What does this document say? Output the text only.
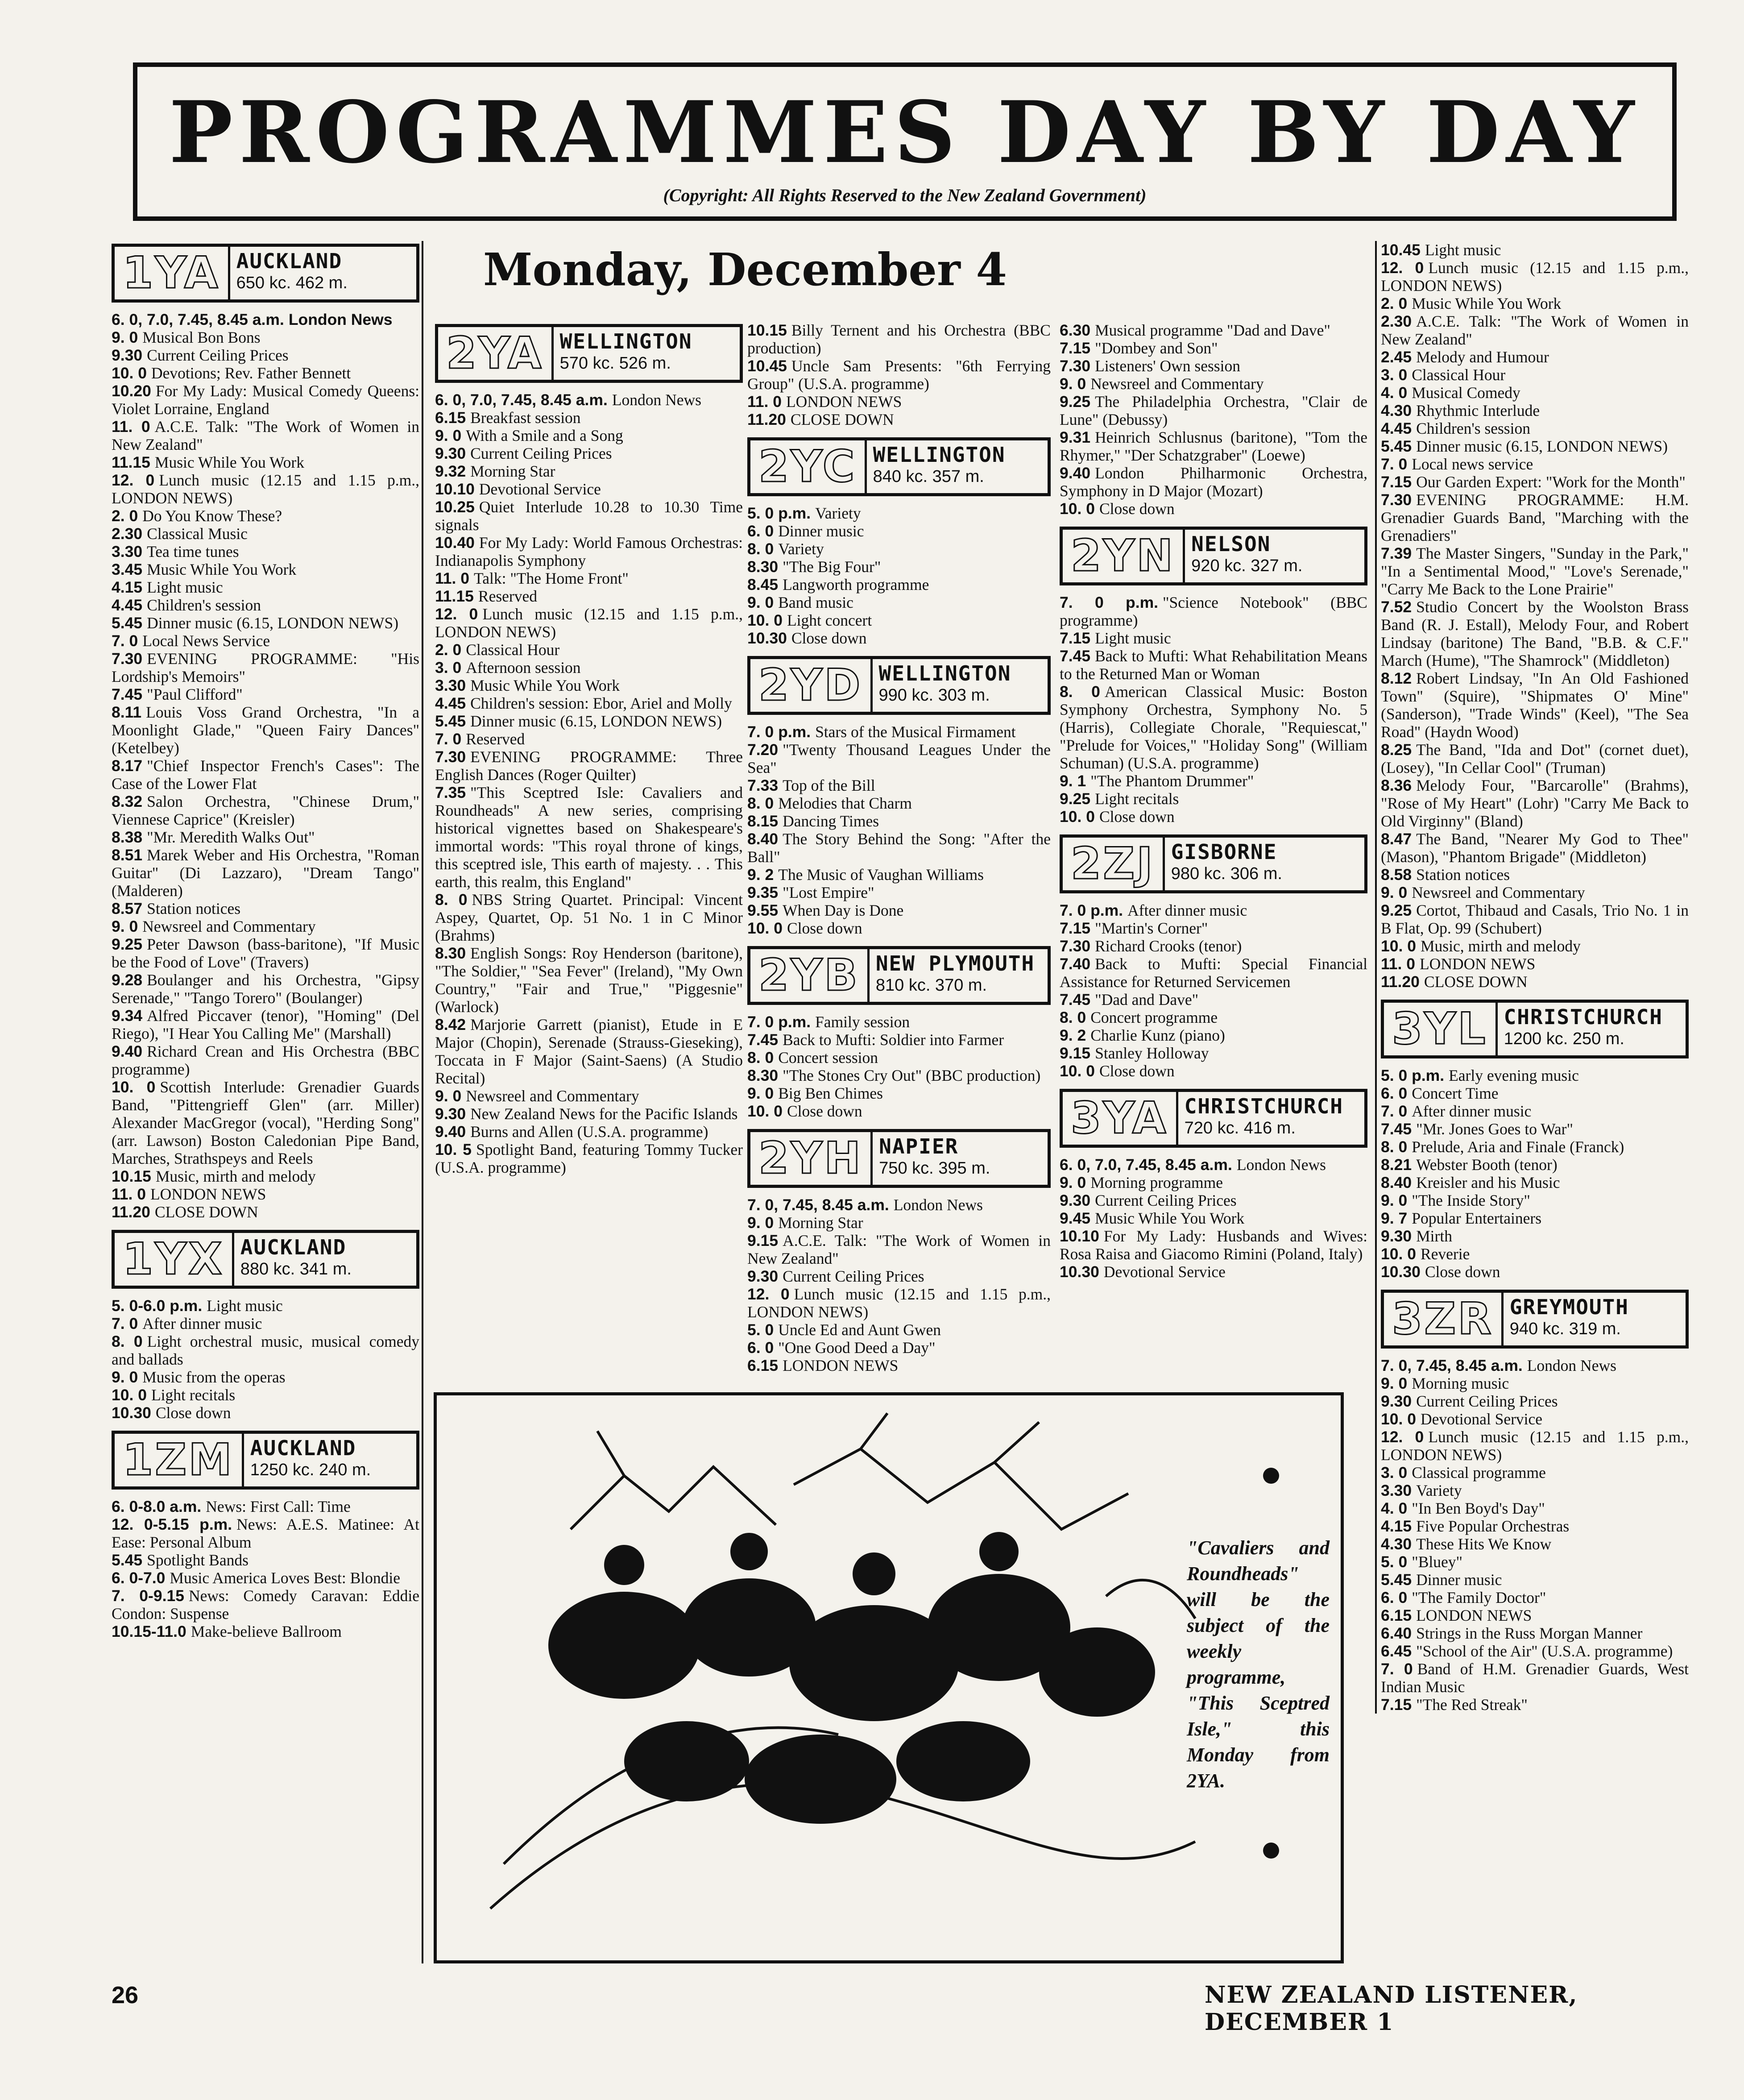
PROGRAMMES DAY BY DAY
(Copyright: All Rights Reserved to the New Zealand Government)
Monday, December 4
1YA AUCKLAND
650 kc. 462 m.

6. 0, 7.0, 7.45, 8.45 a.m. London News

9. 0 Musical Bon Bons

9.30 Current Ceiling Prices

10. 0 Devotions; Rev. Father Bennett

10.20 For My Lady: Musical Comedy Queens: Violet Lorraine, England

11. 0 A.C.E. Talk: "The Work of Women in New Zealand"

11.15 Music While You Work

12. 0 Lunch music (12.15 and 1.15 p.m., LONDON NEWS)

2. 0 Do You Know These?

2.30 Classical Music

3.30 Tea time tunes

3.45 Music While You Work

4.15 Light music

4.45 Children's session

5.45 Dinner music (6.15, LONDON NEWS)

7. 0 Local News Service

7.30 EVENING PROGRAMME: "His Lordship's Memoirs"

7.45 "Paul Clifford"

8.11 Louis Voss Grand Orchestra, "In a Moonlight Glade," "Queen Fairy Dances" (Ketelbey)

8.17 "Chief Inspector French's Cases": The Case of the Lower Flat

8.32 Salon Orchestra, "Chinese Drum," Viennese Caprice" (Kreisler)

8.38 "Mr. Meredith Walks Out"

8.51 Marek Weber and His Orchestra, "Roman Guitar" (Di Lazzaro), "Dream Tango" (Malderen)

8.57 Station notices

9. 0 Newsreel and Commentary

9.25 Peter Dawson (bass-baritone), "If Music be the Food of Love" (Travers)

9.28 Boulanger and his Orchestra, "Gipsy Serenade," "Tango Torero" (Boulanger)

9.34 Alfred Piccaver (tenor), "Homing" (Del Riego), "I Hear You Calling Me" (Marshall)

9.40 Richard Crean and His Orchestra (BBC programme)

10. 0 Scottish Interlude: Grenadier Guards Band, "Pittengrieff Glen" (arr. Miller) Alexander MacGregor (vocal), "Herding Song" (arr. Lawson) Boston Caledonian Pipe Band, Marches, Strathspeys and Reels

10.15 Music, mirth and melody

11. 0 LONDON NEWS

11.20 CLOSE DOWN

1YX AUCKLAND
880 kc. 341 m.

5. 0-6.0 p.m. Light music

7. 0 After dinner music

8. 0 Light orchestral music, musical comedy and ballads

9. 0 Music from the operas

10. 0 Light recitals

10.30 Close down

1ZM AUCKLAND
1250 kc. 240 m.

6. 0-8.0 a.m. News: First Call: Time

12. 0-5.15 p.m. News: A.E.S. Matinee: At Ease: Personal Album

5.45 Spotlight Bands

6. 0-7.0 Music America Loves Best: Blondie

7. 0-9.15 News: Comedy Caravan: Eddie Condon: Suspense

10.15-11.0 Make-believe Ballroom

2YA WELLINGTON
570 kc. 526 m.

6. 0, 7.0, 7.45, 8.45 a.m. London News

6.15 Breakfast session

9. 0 With a Smile and a Song

9.30 Current Ceiling Prices

9.32 Morning Star

10.10 Devotional Service

10.25 Quiet Interlude 10.28 to 10.30 Time signals

10.40 For My Lady: World Famous Orchestras: Indianapolis Symphony

11. 0 Talk: "The Home Front"

11.15 Reserved

12. 0 Lunch music (12.15 and 1.15 p.m., LONDON NEWS)

2. 0 Classical Hour

3. 0 Afternoon session

3.30 Music While You Work

4.45 Children's session: Ebor, Ariel and Molly

5.45 Dinner music (6.15, LONDON NEWS)

7. 0 Reserved

7.30 EVENING PROGRAMME: Three English Dances (Roger Quilter)

7.35 "This Sceptred Isle: Cavaliers and Roundheads" A new series, comprising historical vignettes based on Shakespeare's immortal words: "This royal throne of kings, this sceptred isle, This earth of majesty. . . This earth, this realm, this England"

8. 0 NBS String Quartet. Principal: Vincent Aspey, Quartet, Op. 51 No. 1 in C Minor (Brahms)

8.30 English Songs: Roy Henderson (baritone), "The Soldier," "Sea Fever" (Ireland), "My Own Country," "Fair and True," "Piggesnie" (Warlock)

8.42 Marjorie Garrett (pianist), Etude in E Major (Chopin), Serenade (Strauss-Gieseking), Toccata in F Major (Saint-Saens) (A Studio Recital)

9. 0 Newsreel and Commentary

9.30 New Zealand News for the Pacific Islands

9.40 Burns and Allen (U.S.A. programme)

10. 5 Spotlight Band, featuring Tommy Tucker (U.S.A. programme)

10.15 Billy Ternent and his Orchestra (BBC production)

10.45 Uncle Sam Presents: "6th Ferrying Group" (U.S.A. programme)

11. 0 LONDON NEWS

11.20 CLOSE DOWN

2YC WELLINGTON
840 kc. 357 m.

5. 0 p.m. Variety

6. 0 Dinner music

8. 0 Variety

8.30 "The Big Four"

8.45 Langworth programme

9. 0 Band music

10. 0 Light concert

10.30 Close down

2YD WELLINGTON
990 kc. 303 m.

7. 0 p.m. Stars of the Musical Firmament

7.20 "Twenty Thousand Leagues Under the Sea"

7.33 Top of the Bill

8. 0 Melodies that Charm

8.15 Dancing Times

8.40 The Story Behind the Song: "After the Ball"

9. 2 The Music of Vaughan Williams

9.35 "Lost Empire"

9.55 When Day is Done

10. 0 Close down

2YB NEW PLYMOUTH
810 kc. 370 m.

7. 0 p.m. Family session

7.45 Back to Mufti: Soldier into Farmer

8. 0 Concert session

8.30 "The Stones Cry Out" (BBC production)

9. 0 Big Ben Chimes

10. 0 Close down

2YH NAPIER
750 kc. 395 m.

7. 0, 7.45, 8.45 a.m. London News

9. 0 Morning Star

9.15 A.C.E. Talk: "The Work of Women in New Zealand"

9.30 Current Ceiling Prices

12. 0 Lunch music (12.15 and 1.15 p.m., LONDON NEWS)

5. 0 Uncle Ed and Aunt Gwen

6. 0 "One Good Deed a Day"

6.15 LONDON NEWS

6.30 Musical programme "Dad and Dave"

7.15 "Dombey and Son"

7.30 Listeners' Own session

9. 0 Newsreel and Commentary

9.25 The Philadelphia Orchestra, "Clair de Lune" (Debussy)

9.31 Heinrich Schlusnus (baritone), "Tom the Rhymer," "Der Schatzgraber" (Loewe)

9.40 London Philharmonic Orchestra, Symphony in D Major (Mozart)

10. 0 Close down

2YN NELSON
920 kc. 327 m.

7. 0 p.m. "Science Notebook" (BBC programme)

7.15 Light music

7.45 Back to Mufti: What Rehabilitation Means to the Returned Man or Woman

8. 0 American Classical Music: Boston Symphony Orchestra, Symphony No. 5 (Harris), Collegiate Chorale, "Requiescat," "Prelude for Voices," "Holiday Song" (William Schuman) (U.S.A. programme)

9. 1 "The Phantom Drummer"

9.25 Light recitals

10. 0 Close down

2ZJ GISBORNE
980 kc. 306 m.

7. 0 p.m. After dinner music

7.15 "Martin's Corner"

7.30 Richard Crooks (tenor)

7.40 Back to Mufti: Special Financial Assistance for Returned Servicemen

7.45 "Dad and Dave"

8. 0 Concert programme

9. 2 Charlie Kunz (piano)

9.15 Stanley Holloway

10. 0 Close down

3YA CHRISTCHURCH
720 kc. 416 m.

6. 0, 7.0, 7.45, 8.45 a.m. London News

9. 0 Morning programme

9.30 Current Ceiling Prices

9.45 Music While You Work

10.10 For My Lady: Husbands and Wives: Rosa Raisa and Giacomo Rimini (Poland, Italy)

10.30 Devotional Service

10.45 Light music

12. 0 Lunch music (12.15 and 1.15 p.m., LONDON NEWS)

2. 0 Music While You Work

2.30 A.C.E. Talk: "The Work of Women in New Zealand"

2.45 Melody and Humour

3. 0 Classical Hour

4. 0 Musical Comedy

4.30 Rhythmic Interlude

4.45 Children's session

5.45 Dinner music (6.15, LONDON NEWS)

7. 0 Local news service

7.15 Our Garden Expert: "Work for the Month"

7.30 EVENING PROGRAMME: H.M. Grenadier Guards Band, "Marching with the Grenadiers"

7.39 The Master Singers, "Sunday in the Park," "In a Sentimental Mood," "Love's Serenade," "Carry Me Back to the Lone Prairie"

7.52 Studio Concert by the Woolston Brass Band (R. J. Estall), Melody Four, and Robert Lindsay (baritone) The Band, "B.B. & C.F." March (Hume), "The Shamrock" (Middleton)

8.12 Robert Lindsay, "In An Old Fashioned Town" (Squire), "Shipmates O' Mine" (Sanderson), "Trade Winds" (Keel), "The Sea Road" (Haydn Wood)

8.25 The Band, "Ida and Dot" (cornet duet), (Losey), "In Cellar Cool" (Truman)

8.36 Melody Four, "Barcarolle" (Brahms), "Rose of My Heart" (Lohr) "Carry Me Back to Old Virginny" (Bland)

8.47 The Band, "Nearer My God to Thee" (Mason), "Phantom Brigade" (Middleton)

8.58 Station notices

9. 0 Newsreel and Commentary

9.25 Cortot, Thibaud and Casals, Trio No. 1 in B Flat, Op. 99 (Schubert)

10. 0 Music, mirth and melody

11. 0 LONDON NEWS

11.20 CLOSE DOWN

3YL CHRISTCHURCH
1200 kc. 250 m.

5. 0 p.m. Early evening music

6. 0 Concert Time

7. 0 After dinner music

7.45 "Mr. Jones Goes to War"

8. 0 Prelude, Aria and Finale (Franck)

8.21 Webster Booth (tenor)

8.40 Kreisler and his Music

9. 0 "The Inside Story"

9. 7 Popular Entertainers

9.30 Mirth

10. 0 Reverie

10.30 Close down

3ZR GREYMOUTH
940 kc. 319 m.

7. 0, 7.45, 8.45 a.m. London News

9. 0 Morning music

9.30 Current Ceiling Prices

10. 0 Devotional Service

12. 0 Lunch music (12.15 and 1.15 p.m., LONDON NEWS)

3. 0 Classical programme

3.30 Variety

4. 0 "In Ben Boyd's Day"

4.15 Five Popular Orchestras

4.30 These Hits We Know

5. 0 "Bluey"

5.45 Dinner music

6. 0 "The Family Doctor"

6.15 LONDON NEWS

6.40 Strings in the Russ Morgan Manner

6.45 "School of the Air" (U.S.A. programme)

7. 0 Band of H.M. Grenadier Guards, West Indian Music

7.15 "The Red Streak"

"Cavaliers and Roundheads" will be the subject of the weekly programme, "This Sceptred Isle," this Monday from 2YA.
26	NEW ZEALAND LISTENER, DECEMBER 1
